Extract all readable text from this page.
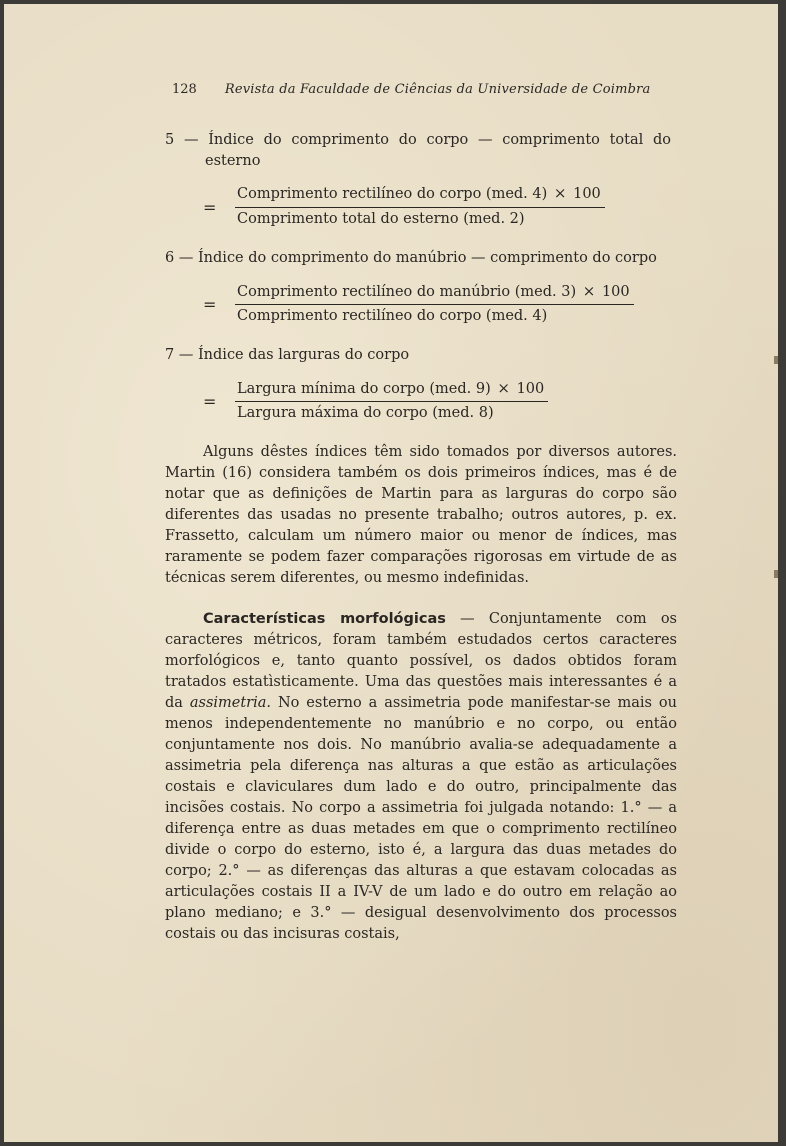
128 Revista da Faculdade de Ciências da Universidade de Coimbra

5 — Índice do comprimento do corpo — comprimento total do esterno

=	$\frac{\text{Comprimento rectilíneo do corpo (med. 4) × 100}}{\text{Comprimento total do esterno (med. 2)}}$

6 — Índice do comprimento do manúbrio — comprimento do corpo

=	$\frac{\text{Comprimento rectilíneo do manúbrio (med. 3) × 100}}{\text{Comprimento rectilíneo do corpo (med. 4)}}$

7 — Índice das larguras do corpo

=	$\frac{\text{Largura mínima do corpo (med. 9) × 100}}{\text{Largura máxima do corpo (med. 8)}}$

Alguns dêstes índices têm sido tomados por diversos autores. Martin (16) considera também os dois primeiros índices, mas é de notar que as definições de Martin para as larguras do corpo são diferentes das usadas no presente trabalho; outros autores, p. ex. Frassetto, calculam um número maior ou menor de índices, mas raramente se podem fazer comparações rigorosas em virtude de as técnicas serem diferentes, ou mesmo indefinidas.

Características morfológicas — Conjuntamente com os caracteres métricos, foram também estudados certos caracteres morfológicos e, tanto quanto possível, os dados obtidos foram tratados estatìsticamente. Uma das questões mais interessantes é a da assimetria. No esterno a assimetria pode manifestar-se mais ou menos independentemente no manúbrio e no corpo, ou então conjuntamente nos dois. No manúbrio avalia-se adequadamente a assimetria pela diferença nas alturas a que estão as articulações costais e claviculares dum lado e do outro, principalmente das incisões costais. No corpo a assimetria foi julgada notando: 1.° — a diferença entre as duas metades em que o comprimento rectilíneo divide o corpo do esterno, isto é, a largura das duas metades do corpo; 2.° — as diferenças das alturas a que estavam colocadas as articulações costais II a IV-V de um lado e do outro em relação ao plano mediano; e 3.° — desigual desenvolvimento dos processos costais ou das incisuras costais,
